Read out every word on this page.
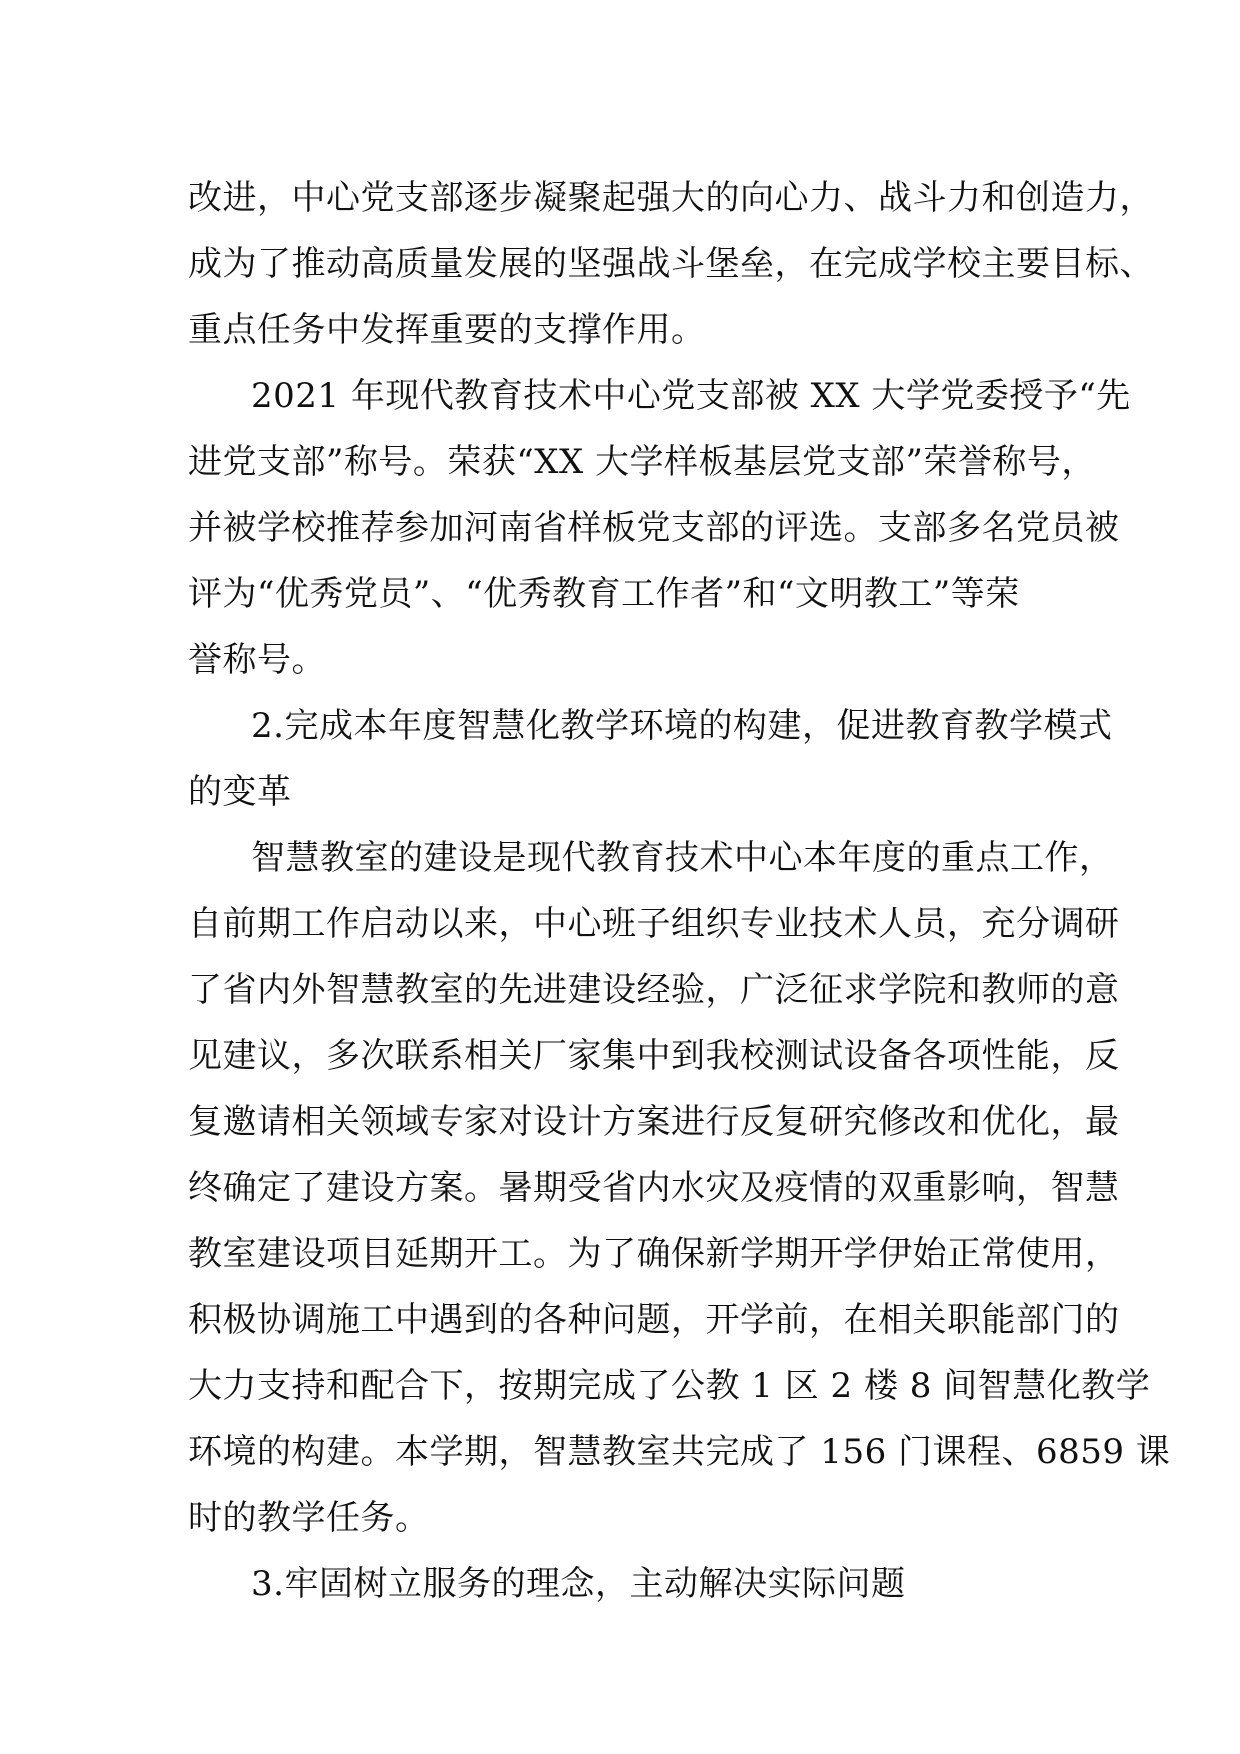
改进，中心党支部逐步凝聚起强大的向心力、战斗力和创造力，
成为了推动高质量发展的坚强战斗堡垒，在完成学校主要目标、
重点任务中发挥重要的支撑作用。
2021 年现代教育技术中心党支部被 XX 大学党委授予“先
进党支部”称号。荣获“XX 大学样板基层党支部”荣誉称号，
并被学校推荐参加河南省样板党支部的评选。支部多名党员被
评为“优秀党员”、“优秀教育工作者”和“文明教工”等荣
誉称号。
2.完成本年度智慧化教学环境的构建，促进教育教学模式
的变革
智慧教室的建设是现代教育技术中心本年度的重点工作，
自前期工作启动以来，中心班子组织专业技术人员，充分调研
了省内外智慧教室的先进建设经验，广泛征求学院和教师的意
见建议，多次联系相关厂家集中到我校测试设备各项性能，反
复邀请相关领域专家对设计方案进行反复研究修改和优化，最
终确定了建设方案。暑期受省内水灾及疫情的双重影响，智慧
教室建设项目延期开工。为了确保新学期开学伊始正常使用，
积极协调施工中遇到的各种问题，开学前，在相关职能部门的
大力支持和配合下，按期完成了公教 1 区 2 楼 8 间智慧化教学
环境的构建。本学期，智慧教室共完成了 156 门课程、6859 课
时的教学任务。
3.牢固树立服务的理念，主动解决实际问题
